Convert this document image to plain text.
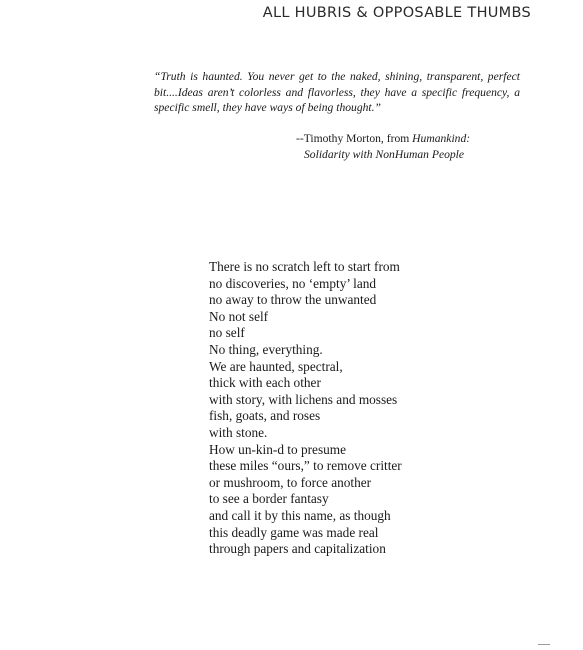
ALL HUBRIS & OPPOSABLE THUMBS

“Truth is haunted. You never get to the naked, shining, transparent, perfect bit....Ideas aren’t colorless and flavorless, they have a specific frequency, a specific smell, they have ways of being thought.”

--Timothy Morton, from Humankind:
Solidarity with NonHuman People

There is no scratch left to start from
no discoveries, no ‘empty’ land
no away to throw the unwanted
No not self
no self
No thing, everything.
We are haunted, spectral,
thick with each other
with story, with lichens and mosses
fish, goats, and roses
with stone.
How un-kin-d to presume
these miles “ours,” to remove critter
or mushroom, to force another
to see a border fantasy
and call it by this name, as though
this deadly game was made real
through papers and capitalization
